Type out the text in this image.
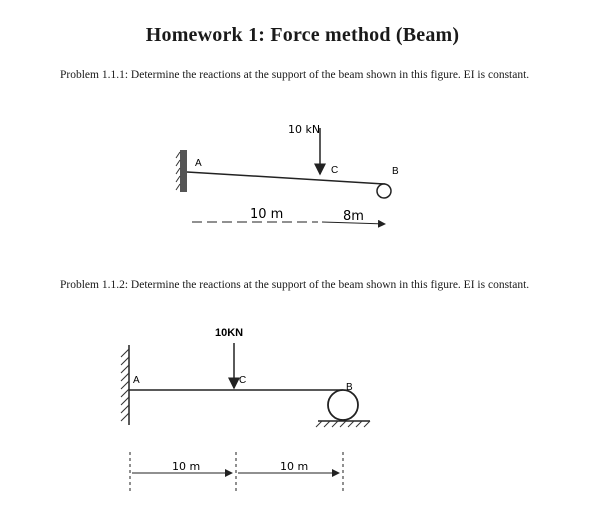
Homework 1: Force method (Beam)
Problem 1.1.1: Determine the reactions at the support of the beam shown in this figure. EI is constant.
Problem 1.1.2: Determine the reactions at the support of the beam shown in this figure. EI is constant.
10 kN
A
C	B
10 m	8m
10KN
A	C
B
10 m	10 m
